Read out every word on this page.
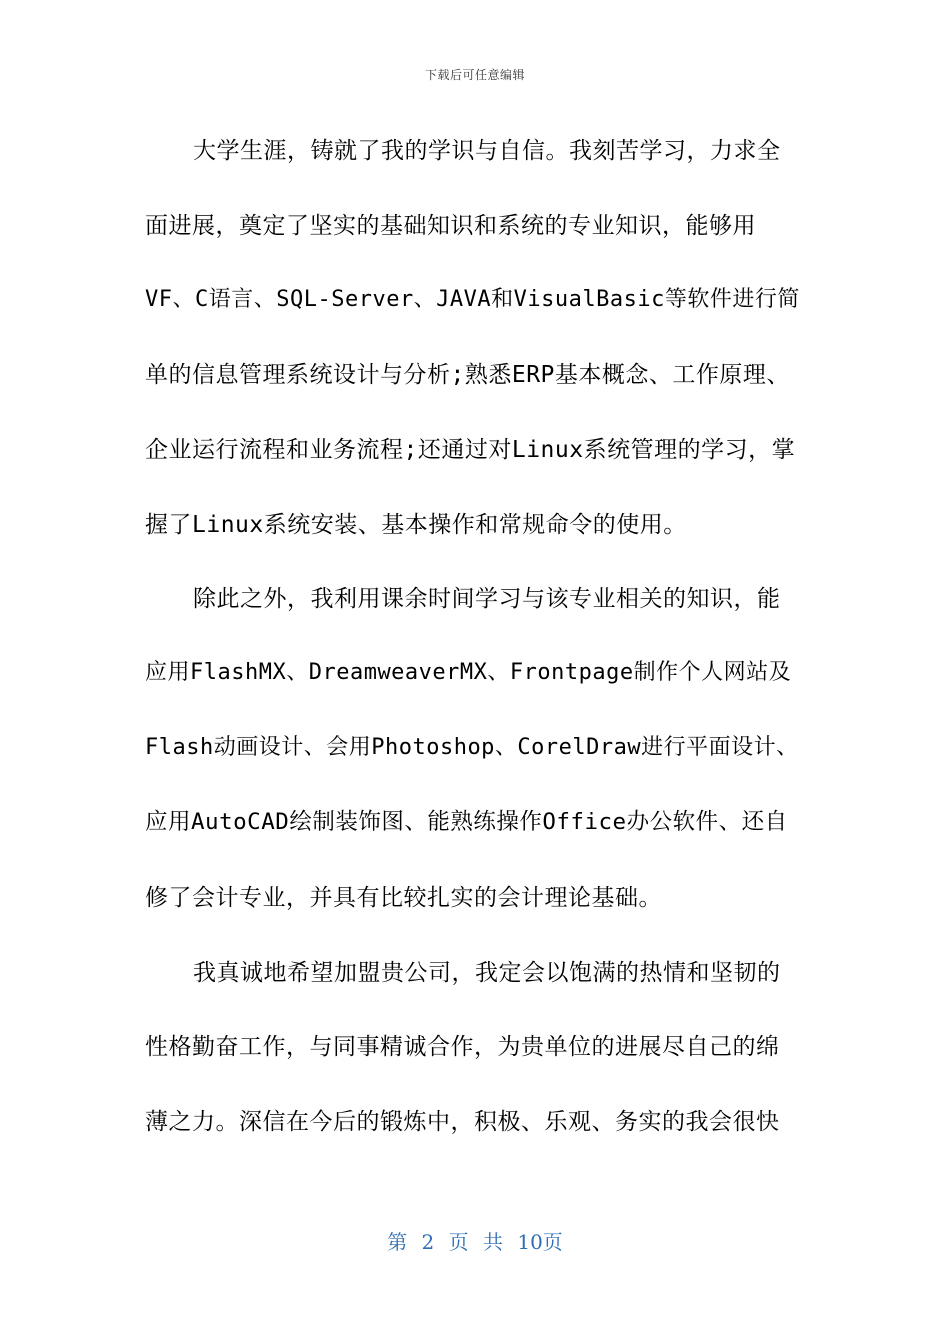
下载后可任意编辑
大学生涯，铸就了我的学识与自信。我刻苦学习，力求全
面进展，奠定了坚实的基础知识和系统的专业知识，能够用
VF、C语言、SQL-Server、JAVA和VisualBasic等软件进行简
单的信息管理系统设计与分析;熟悉ERP基本概念、工作原理、
企业运行流程和业务流程;还通过对Linux系统管理的学习，掌
握了Linux系统安装、基本操作和常规命令的使用。
除此之外，我利用课余时间学习与该专业相关的知识，能
应用FlashMX、DreamweaverMX、Frontpage制作个人网站及
Flash动画设计、会用Photoshop、CorelDraw进行平面设计、
应用AutoCAD绘制装饰图、能熟练操作Office办公软件、还自
修了会计专业，并具有比较扎实的会计理论基础。
我真诚地希望加盟贵公司，我定会以饱满的热情和坚韧的
性格勤奋工作，与同事精诚合作，为贵单位的进展尽自己的绵
薄之力。深信在今后的锻炼中，积极、乐观、务实的我会很快
第 2 页 共 10页
